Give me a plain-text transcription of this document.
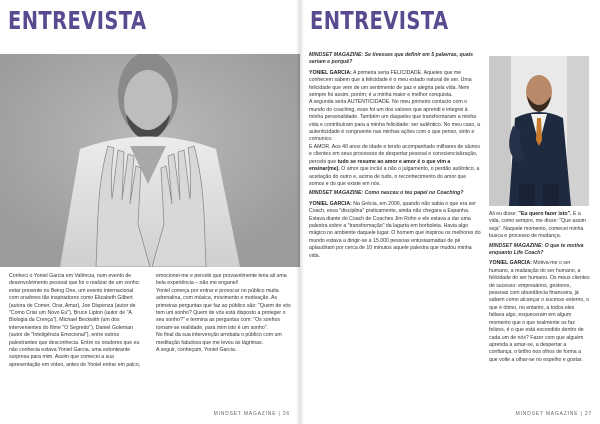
ENTREVISTA

Conheci o Yoniel Garcia em Valência, num evento de desenvolvimento pessoal que foi o realizar de um sonho: estar presente no Being One, um evento internacional com oradores tão inspiradores como Elizabeth Gilbert (autora de Comer, Orar, Amar), Joe Dispenza (autor de "Como Criar um Novo Eu"), Bruce Lipton (autor de "A Biologia da Crença"), Michael Beckwith (um dos intervenientes do filme "O Segredo"), Daniel Goleman (autor de "Inteligência Emocional"), entre outros palestrantes que desconhecia. Entre os oradores que eu não conhecia estava Yoniel Garcia, uma estonteante surpresa para mim. Assim que comecei a sua apresentação em vídeo, antes de Yoniel entrar em palco,

emocionei-me e percebi que provavelmente teria ali uma bela experiência – não me enganei!
Yoniel começa por entrar e provocar no público muita adrenalina, com música, movimento e motivação. As primeiras perguntas que faz ao público são: "Quem de vós tem um sonho? Quem de vós está disposto a proteger o seu sonho?" e termina as perguntas com: "Os sonhos tornam-se realidade, para mim isto é um sonho".
No final da sua intervenção arrebata o público com um meditação fabulosa que me levou às lágrimas.
A seguir, conheçam, Yoniel Garcia.

MINDSET MAGAZINE | 26
ENTREVISTA

MINDSET MAGAZINE: Se tivesses que definir em 5 palavras, quais seriam e porquê?

YONIEL GARCIA: A primeira seria FELICIDADE. Aqueles que me conhecem sabem que a felicidade é o meu estado natural de ser. Uma felicidade que vem de um sentimento de paz e alegria pela vida. Nem sempre foi assim, porém; é a minha maior e melhor conquista.
A segunda seria AUTENTICIDADE. No meu primeiro contacto com o mundo do coaching, esse foi um dos valores que aprendi e integrei à minha personalidade. Também um daqueles que transformaram a minha vida e contribuíram para a minha felicidade: ser autêntico. No meu caso, a autenticidade é congruente nas minhas ações com o que penso, sinto e comunico.
E AMOR. Aos 40 anos de idade e tendo acompanhado milhares de alunos e clientes em seus processos de despertar pessoal e consciencialização, percebi que tudo se resume ao amor e amor é o que vim a ensinar(me). O amor que incluí a não o julgamento, o perdão autêntico, a aceitação do outro e, acima de tudo, o reconhecimento do amor que somos e do que existe em nós.

MINDSET MAGAZINE: Como nasceu o teu papel no Coaching?

YONIEL GARCIA: Na Grécia, em 2006, quando não sabia o que era ser Coach, essa "disciplina" praticamente, ainda não chegara a Espanha. Estava diante do Coach de Coaches Jim Rohn e ele estava a dar uma palestra sobre a "transformação" da lagarta em borboleta. Havia algo mágico no ambiente daquele lugar. O homem que inspirou os melhores do mundo estava a dirigir-se a 15.000 pessoas entusiasmadas de pé aplaudiram por cerca de 10 minutos aquele palestra que mudou minha vida.

Ali eu disse: "Eu quero fazer isto". E a vida, como sempre, me disse: "Que assim seja". Naquele momento, comecei minha busca e processo de mudança.

MINDSET MAGAZINE: O que te motiva enquanto Life Coach?

YONIEL GARCIA: Motiva-me o ser humano, a realização do ser humano, a felicidade do ser humano. Os meus clientes de sucesso: empresários, gestores, pessoas com abundância financeira, já sabem como alcançar o sucesso externo, o que é ótimo, no entanto, a todos eles faltava algo, esqueceram em algum momento que o que realmente os faz felizes, é o que está escondido dentro de cada um de nós? Fazer com que alguém aprenda a amar-se, a despertar a confiança, o brilho nos olhos de forma a que volte a olhar-se no espelho e gostar.

MINDSET MAGAZINE | 27
